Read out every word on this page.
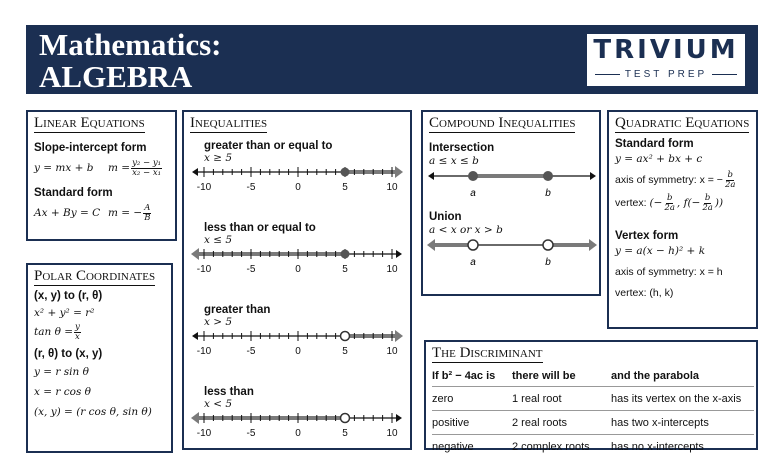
Mathematics:
ALGEBRA
TRIVIUM
TEST PREP
Linear Equations
Slope-intercept form
y = mx + b	$m = \frac{\text{y₂ − y₁}}{\text{x₂ − x₁}}$
Standard form
Ax + By = C m = − $\frac{A}{B}$
Polar Coordinates
(x, y) to (r, θ)
x² + y² = r²
$\tan \theta = \frac{y}{x}$
(r, θ) to (x, y)
y = r sin θ
x = r cos θ
(x, y) = (r cos θ, sin θ)
Inequalities
greater than or equal to
x ≥ 5
-10	-5	0	5	10
less than or equal to
x ≤ 5
-10	-5	0	5	10
greater than
x > 5
-10	-5	0	5	10
less than
x < 5
-10	-5	0	5	10
Compound Inequalities
Intersection
a ≤ x ≤ b
a	b
Union
a < x or x > b
a	b
Quadratic Equations
Standard form
y = ax² + bx + c
axis of symmetry: x = − $\frac{b}{2a}$
vertex: (− $\frac{b}{2a}$ , $f(- \frac{b}{2a}$ ))
Vertex form
y = a(x − h)² + k
axis of symmetry: x = h
vertex: (h, k)
The Discriminant
If b² − 4ac is	there will be	and the parabola
zero	1 real root	has its vertex on the x-axis
positive	2 real roots	has two x-intercepts
negative	2 complex roots	has no x-intercepts
